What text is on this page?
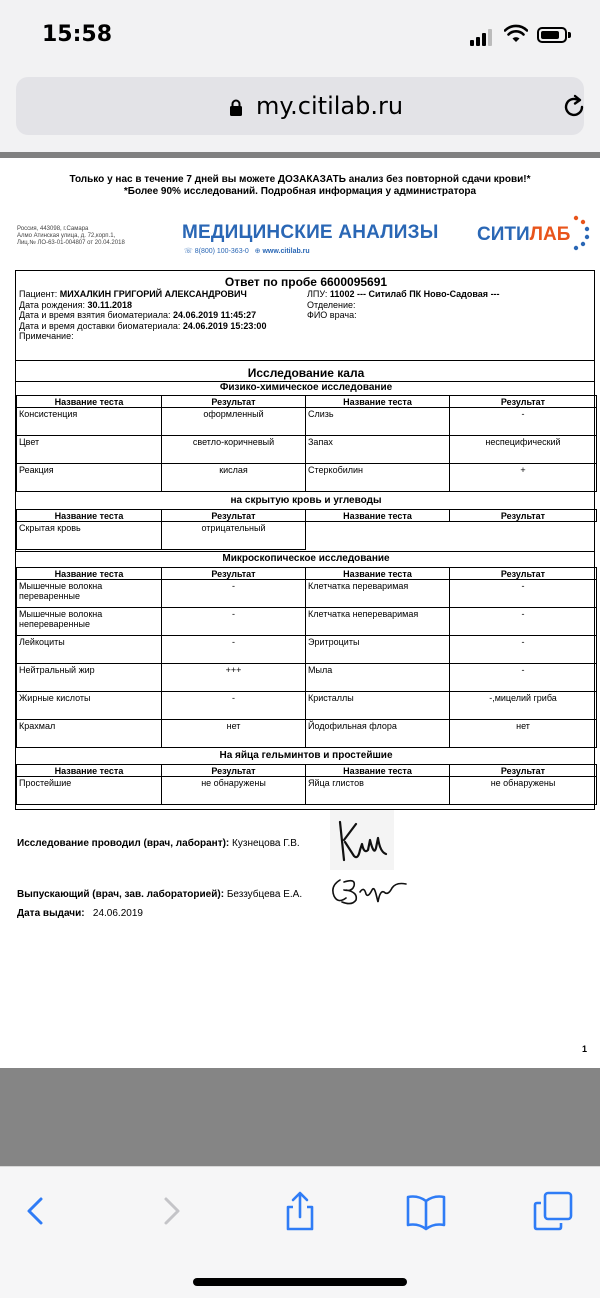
15:58
my.citilab.ru
Только у нас в течение 7 дней вы можете ДОЗАКАЗАТЬ анализ без повторной сдачи крови!*
*Более 90% исследований. Подробная информация у администратора
Россия, 443098, г.Самара
Алмо Атинская улица, д. 72,корп.1,
Лиц.№ ЛО-63-01-004807 от 20.04.2018	МЕДИЦИНСКИЕ АНАЛИЗЫ
☏ 8(800) 100-363-0 ⊕ www.citilab.ru
СИТИЛАБ
Ответ по пробе 6600095691
Пациент: МИХАЛКИН ГРИГОРИЙ АЛЕКСАНДРОВИЧ
Дата рождения: 30.11.2018
Дата и время взятия биоматериала: 24.06.2019 11:45:27
Дата и время доставки биоматериала: 24.06.2019 15:23:00
Примечание:
ЛПУ: 11002 --- Ситилаб ПК Ново-Садовая ---
Отделение:
ФИО врача:
Исследование кала
Физико-химическое исследование
Название теста	Результат	Название теста	Результат
Консистенция	оформленный	Слизь	-
Цвет	светло-коричневый	Запах	неспецифический
Реакция	кислая	Стеркобилин	+
на скрытую кровь и углеводы
Название теста	Результат	Название теста	Результат
Скрытая кровь	отрицательный		
Микроскопическое исследование
Название теста	Результат	Название теста	Результат
Мышечные волокна переваренные	-	Клетчатка переваримая	-
Мышечные волокна непереваренные	-	Клетчатка непереваримая	-
Лейкоциты	-	Эритроциты	-
Нейтральный жир	+++	Мыла	-
Жирные кислоты	-	Кристаллы	-,мицелий гриба
Крахмал	нет	Йодофильная флора	нет
На яйца гельминтов и простейшие
Название теста	Результат	Название теста	Результат
Простейшие	не обнаружены	Яйца глистов	не обнаружены
Исследование проводил (врач, лаборант): Кузнецова Г.В.
Выпускающий (врач, зав. лабораторией): Беззубцева Е.А.
Дата выдачи: 24.06.2019
1
